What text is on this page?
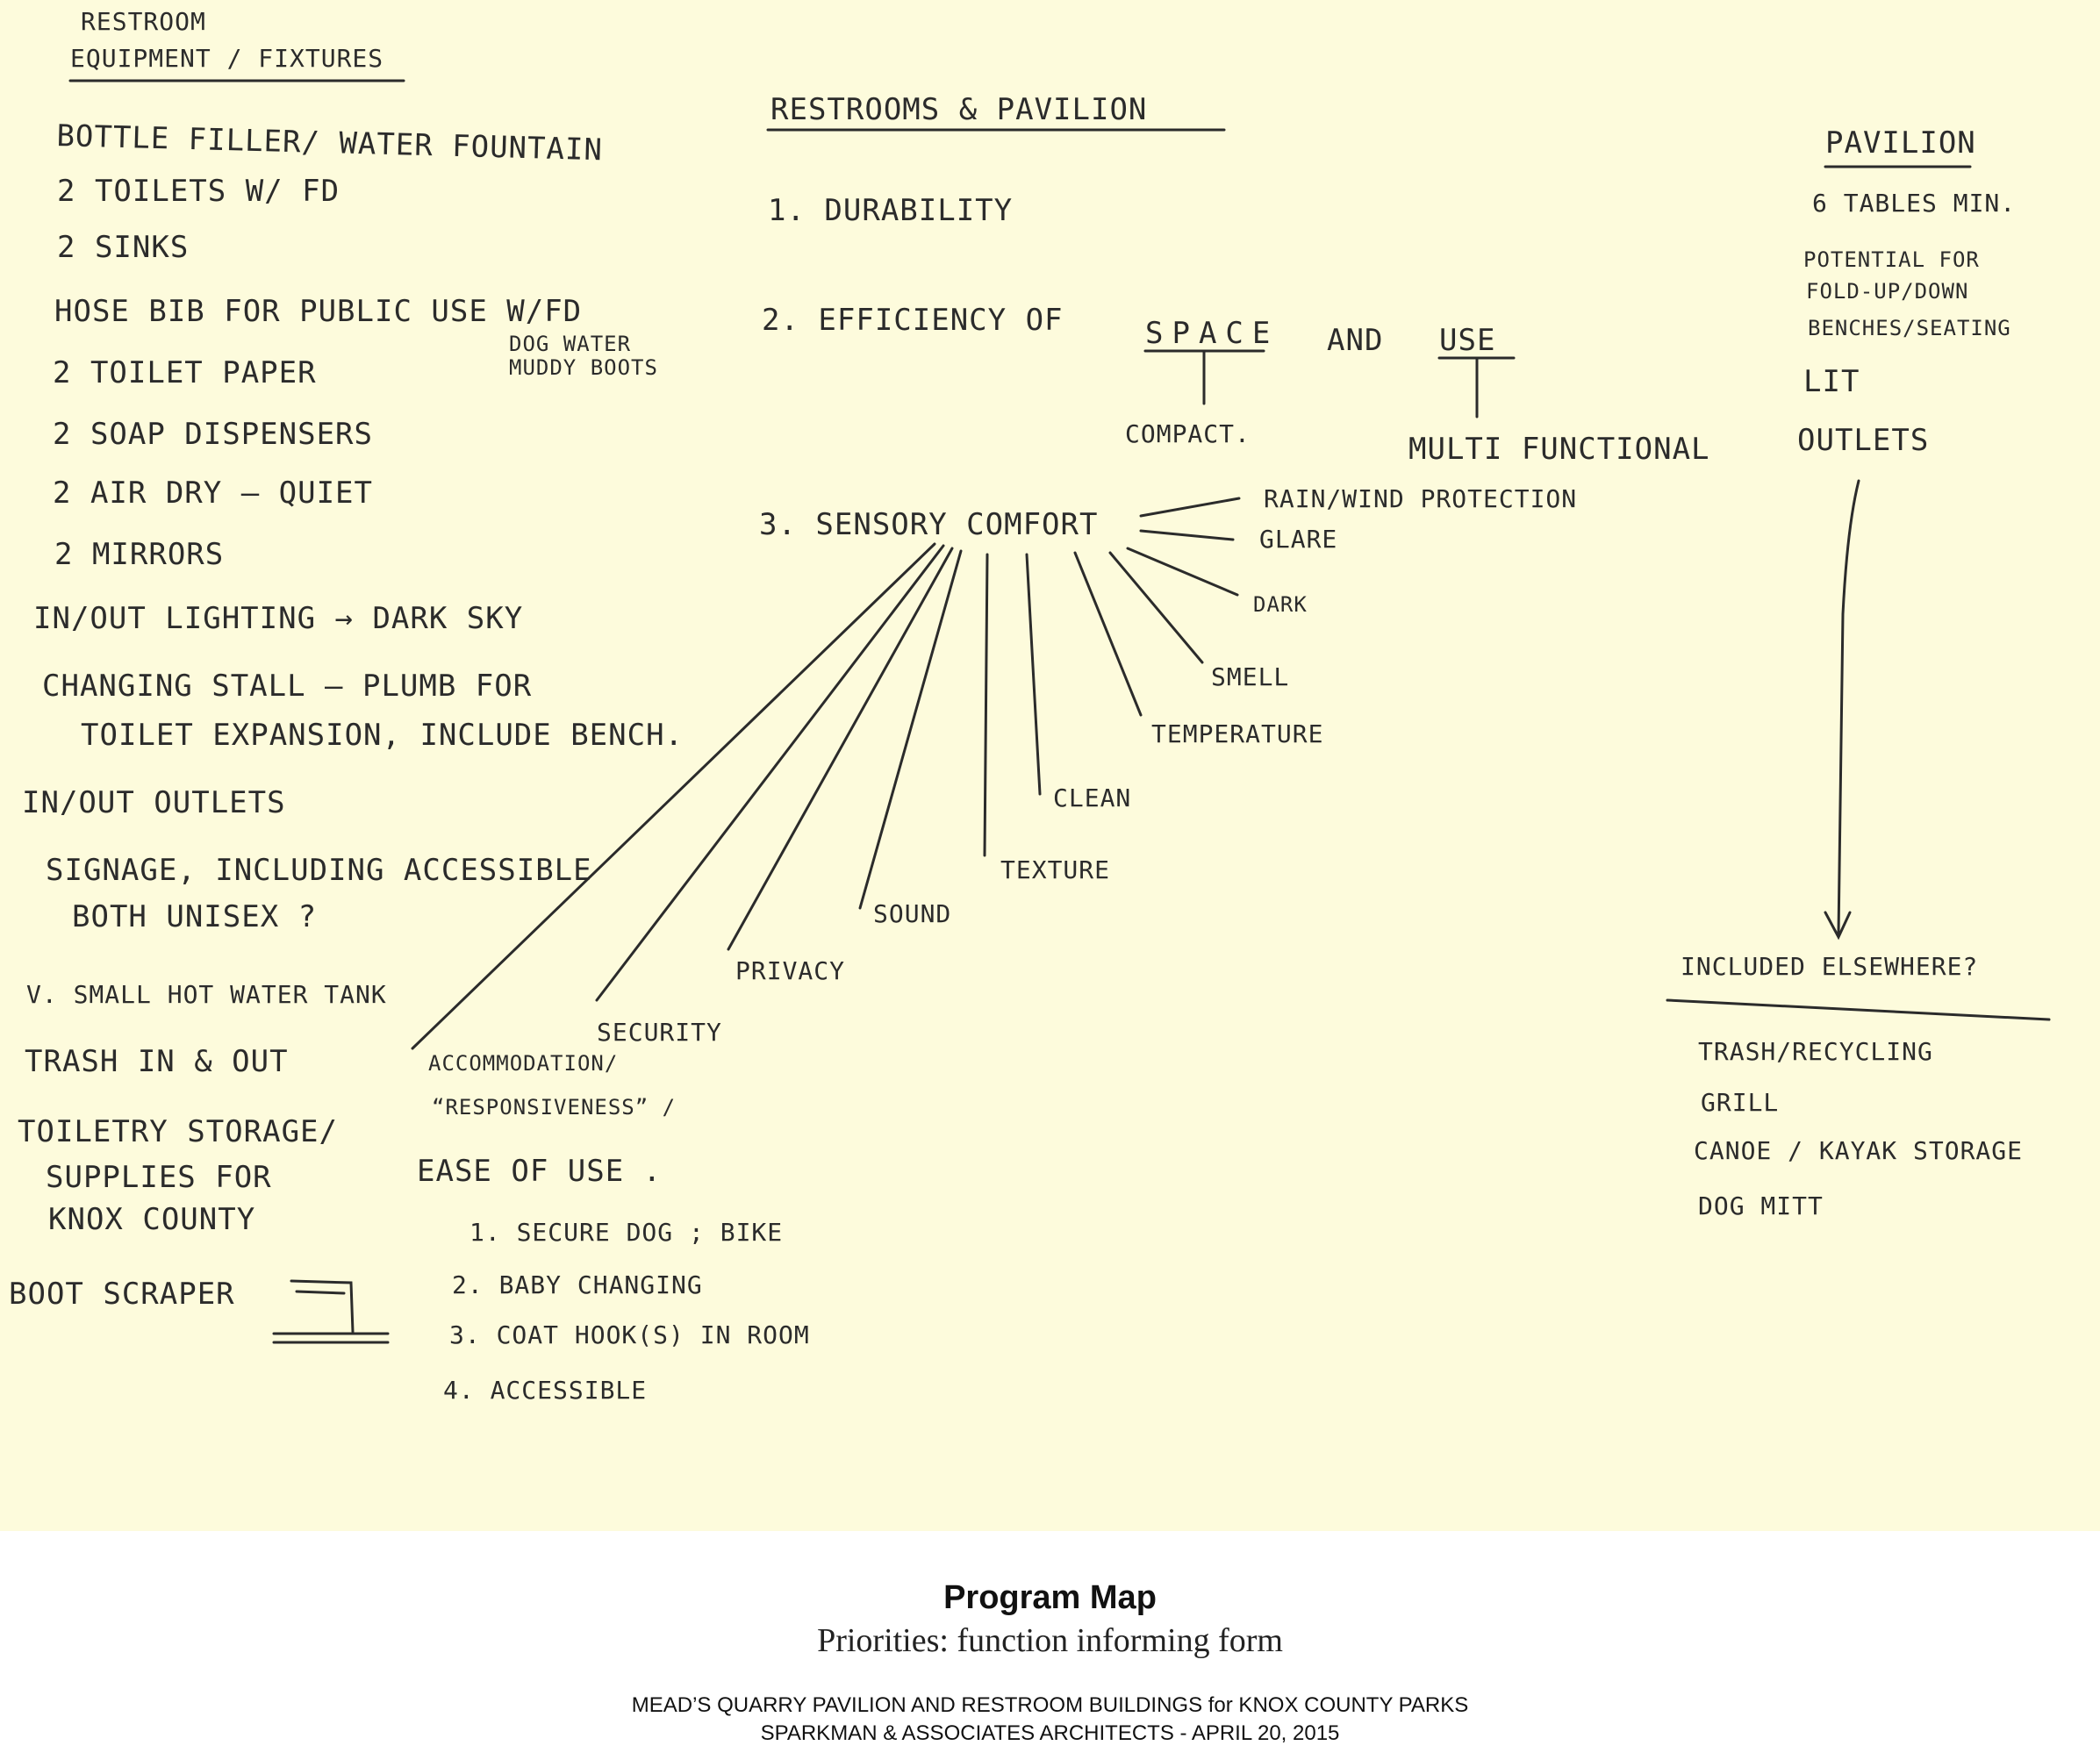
RESTROOM
EQUIPMENT / FIXTURES
BOTTLE FILLER/ WATER FOUNTAIN
2 TOILETS W/ FD
2 SINKS
HOSE BIB FOR PUBLIC USE W/FD
DOG WATER
MUDDY BOOTS
2 TOILET PAPER
2 SOAP DISPENSERS
2 AIR DRY — QUIET
2 MIRRORS
IN/OUT LIGHTING → DARK SKY
CHANGING STALL — PLUMB FOR
TOILET EXPANSION, INCLUDE BENCH.
IN/OUT OUTLETS
SIGNAGE, INCLUDING ACCESSIBLE
BOTH UNISEX ?
V. SMALL HOT WATER TANK
TRASH IN & OUT
TOILETRY STORAGE/
SUPPLIES FOR
KNOX COUNTY
BOOT SCRAPER
RESTROOMS & PAVILION
1. DURABILITY
2. EFFICIENCY OF	SPACE AND USE
COMPACT.	MULTI FUNCTIONAL
3. SENSORY COMFORT
RAIN/WIND PROTECTION
GLARE
DARK
SMELL
TEMPERATURE
CLEAN
TEXTURE
SOUND
PRIVACY
SECURITY
ACCOMMODATION/
“RESPONSIVENESS” /
EASE OF USE .
1. SECURE DOG ; BIKE
2. BABY CHANGING
3. COAT HOOK(S) IN ROOM
4. ACCESSIBLE
PAVILION
6 TABLES MIN.
POTENTIAL FOR
FOLD-UP/DOWN
BENCHES/SEATING
LIT
OUTLETS
INCLUDED ELSEWHERE?
TRASH/RECYCLING
GRILL
CANOE / KAYAK STORAGE
DOG MITT
Program Map
Priorities: function informing form
MEAD’S QUARRY PAVILION AND RESTROOM BUILDINGS for KNOX COUNTY PARKS
SPARKMAN & ASSOCIATES ARCHITECTS - APRIL 20, 2015
